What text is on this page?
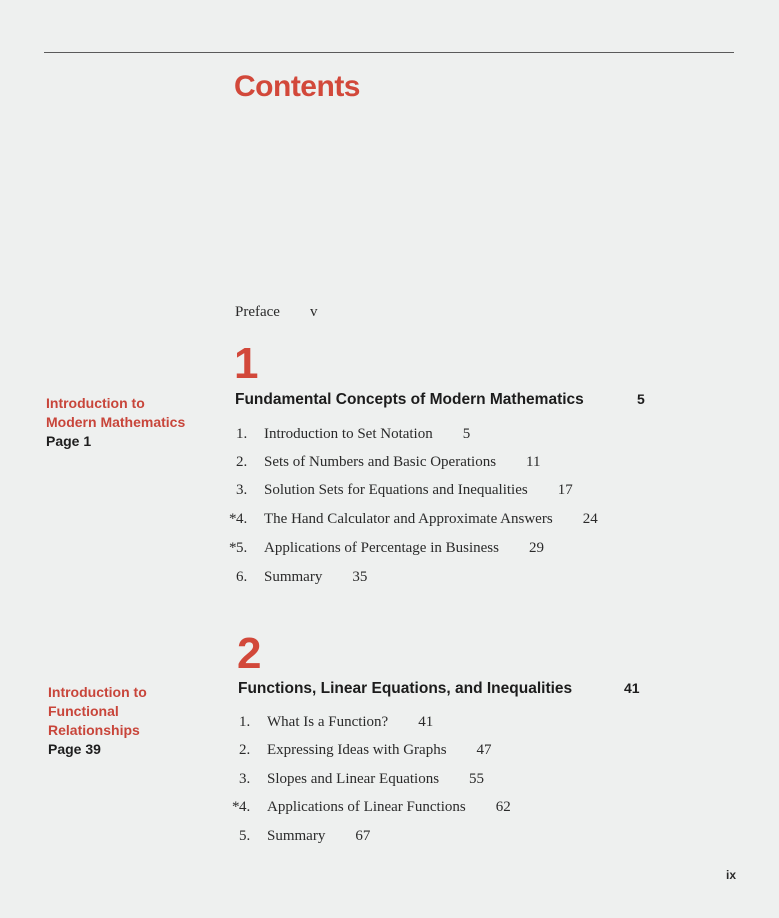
Contents
Preface v
1
Introduction to
Modern Mathematics
Page 1
Fundamental Concepts of Modern Mathematics	5
1. Introduction to Set Notation 5
2. Sets of Numbers and Basic Operations 11
3. Solution Sets for Equations and Inequalities 17
* 4. The Hand Calculator and Approximate Answers 24
* 5. Applications of Percentage in Business 29
6. Summary 35
2
Introduction to
Functional
Relationships
Page 39
Functions, Linear Equations, and Inequalities	41
1. What Is a Function? 41
2. Expressing Ideas with Graphs 47
3. Slopes and Linear Equations 55
* 4. Applications of Linear Functions 62
5. Summary 67
ix
